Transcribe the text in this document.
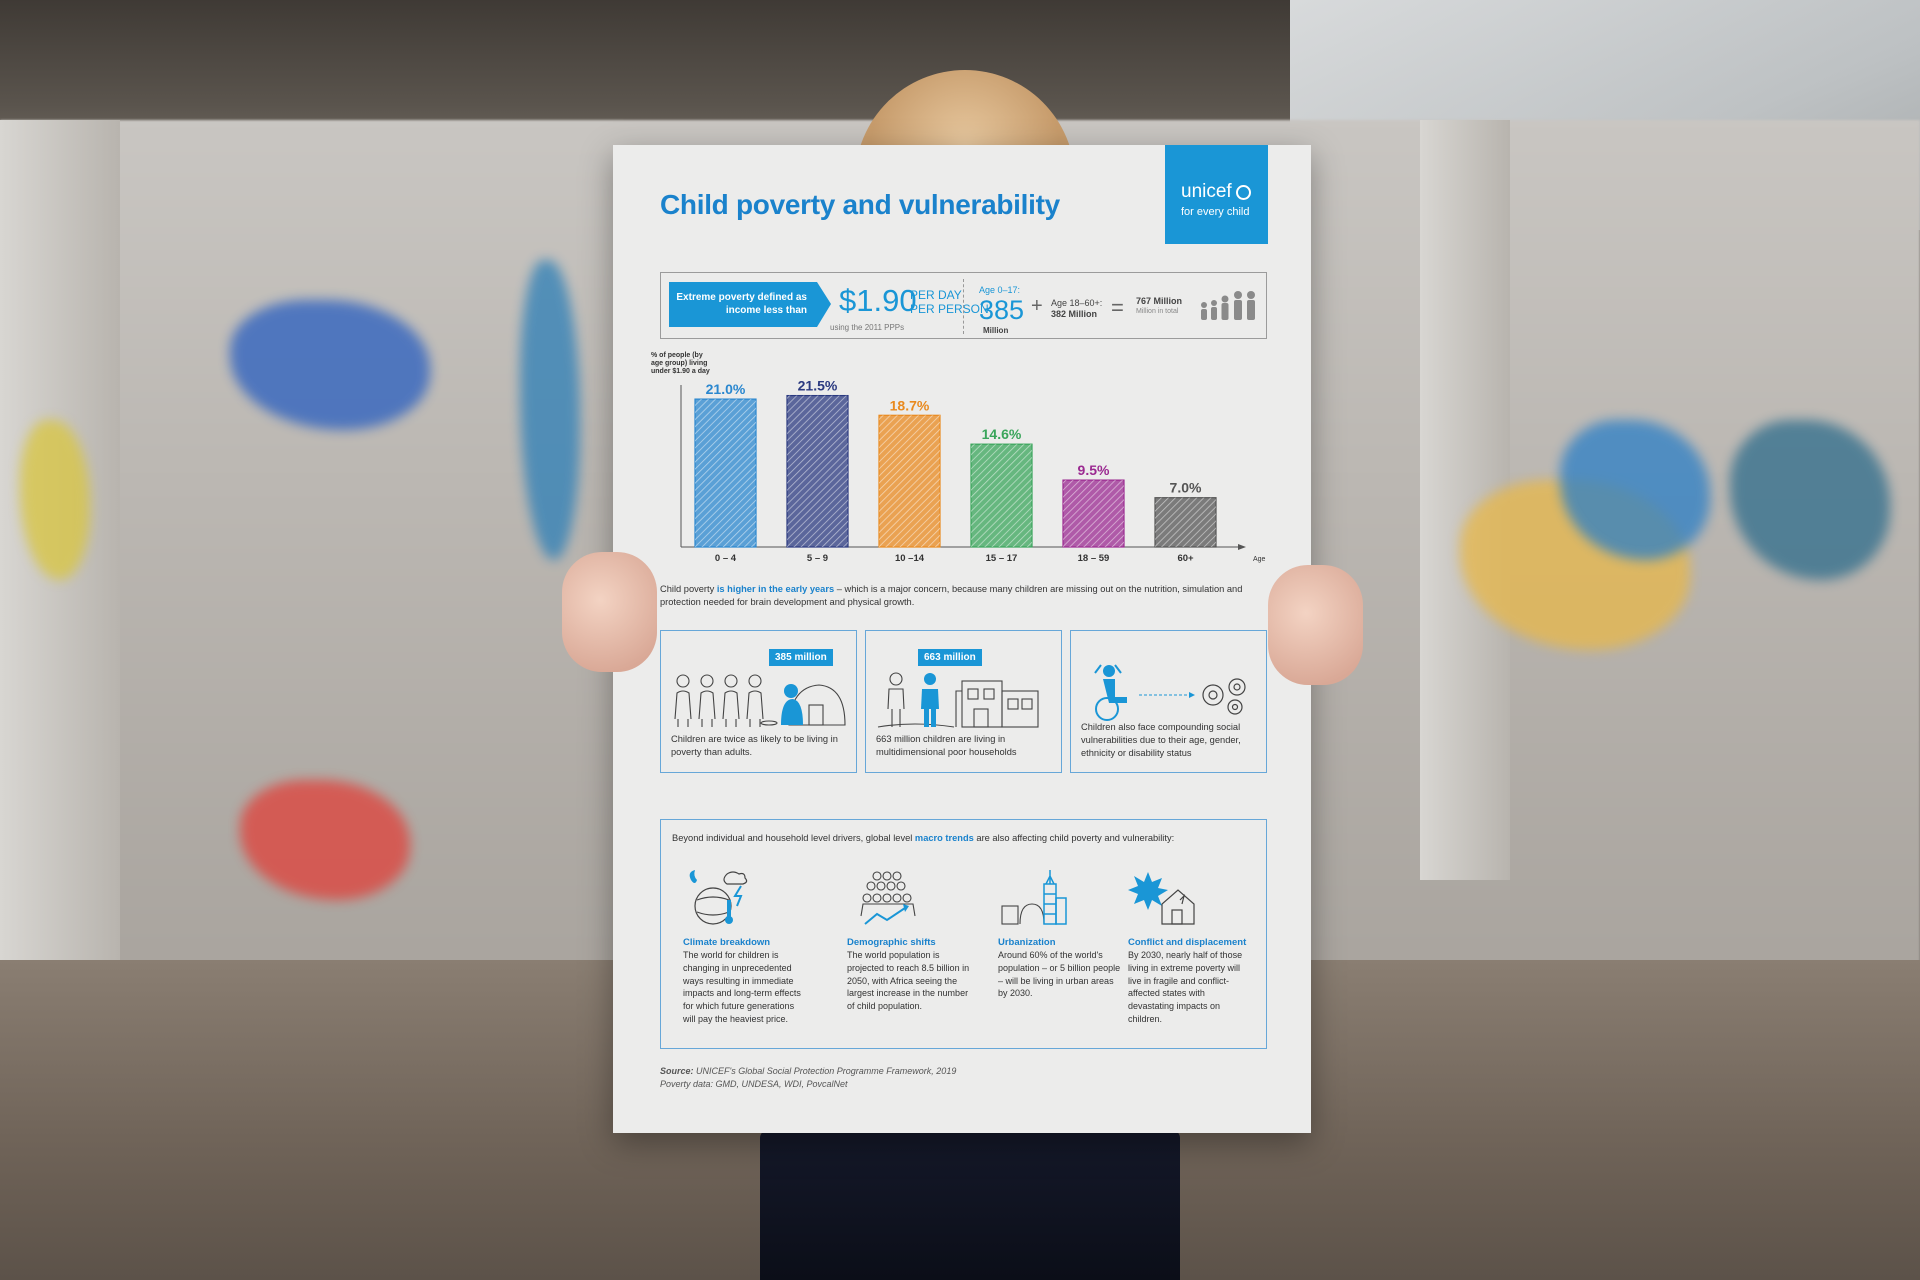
Child poverty and vulnerability	unicef
for every child
Extreme poverty defined as income less than	$1.90
PER DAY
PER PERSON
using the 2011 PPPs
Age 0–17:
385
Million
+ Age 18–60+:
382 Million = 767 Million
Million in total
% of people (by age group) living under $1.90 a day
21.0%
0 – 4
21.5%
5 – 9
18.7%
10 –14
14.6%
15 – 17
9.5%
18 – 59
7.0%
60+	Age
Child poverty is higher in the early years – which is a major concern, because many children are missing out on the nutrition, simulation and protection needed for brain development and physical growth.
385 million
Children are twice as likely to be living in poverty than adults.
663 million
663 million children are living in multidimensional poor households
Children also face compounding social vulnerabilities due to their age, gender, ethnicity or disability status
Beyond individual and household level drivers, global level macro trends are also affecting child poverty and vulnerability:
Climate breakdown
The world for children is changing in unprecedented ways resulting in immediate impacts and long-term effects for which future generations will pay the heaviest price.
Demographic shifts
The world population is projected to reach 8.5 billion in 2050, with Africa seeing the largest increase in the number of child population.
Urbanization
Around 60% of the world's population – or 5 billion people – will be living in urban areas by 2030.
Conflict and displacement
By 2030, nearly half of those living in extreme poverty will live in fragile and conflict-affected states with devastating impacts on children.
Source: UNICEF's Global Social Protection Programme Framework, 2019
Poverty data: GMD, UNDESA, WDI, PovcalNet
